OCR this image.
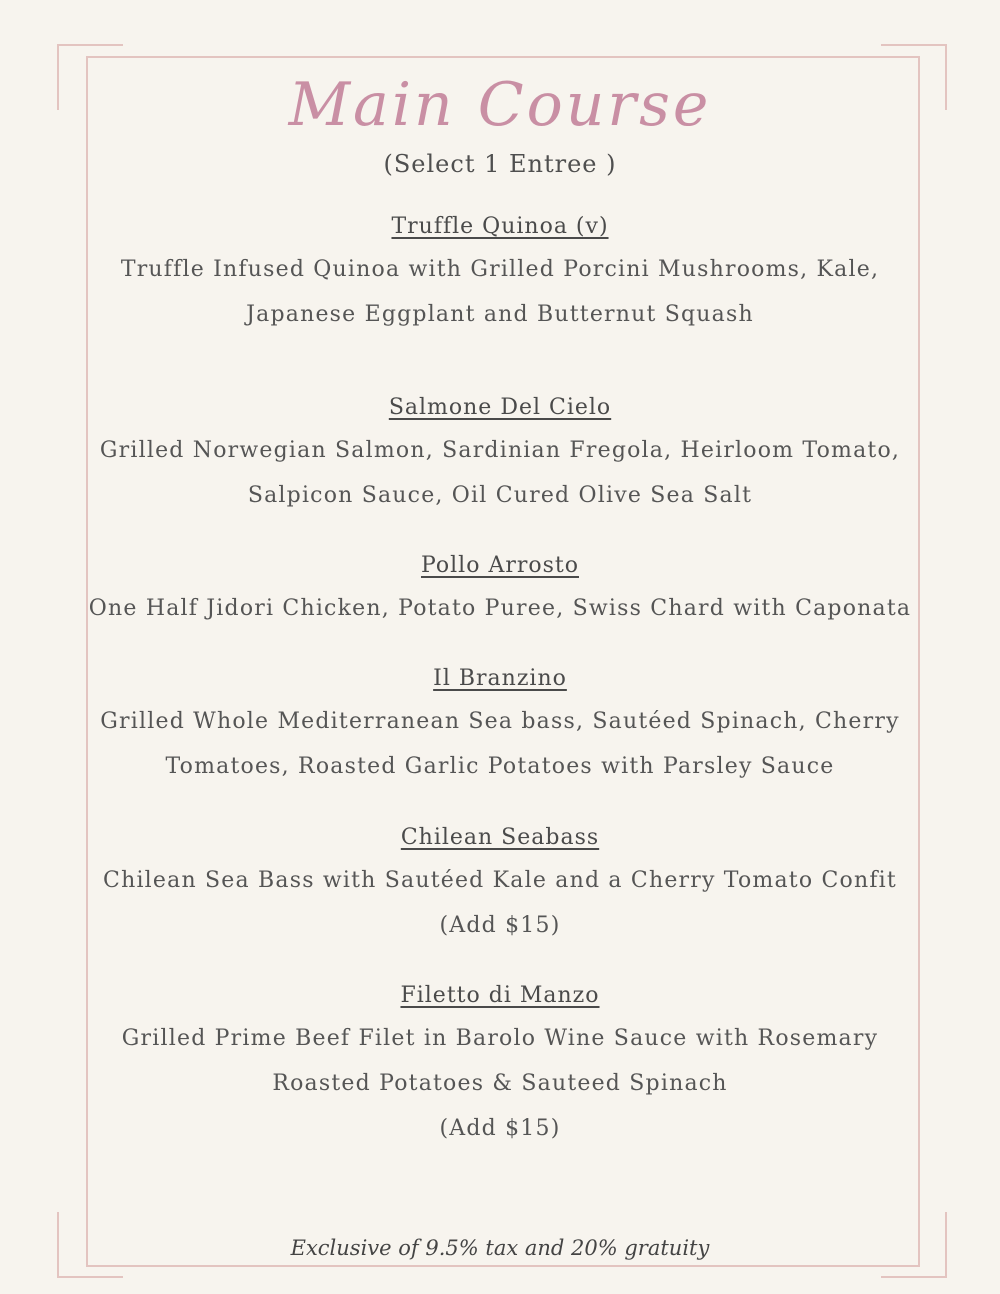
Main Course
(Select 1 Entree )
Truffle Quinoa (v)
Truffle Infused Quinoa with Grilled Porcini Mushrooms, Kale,
Japanese Eggplant and Butternut Squash
Salmone Del Cielo
Grilled Norwegian Salmon, Sardinian Fregola, Heirloom Tomato,
Salpicon Sauce, Oil Cured Olive Sea Salt
Pollo Arrosto
One Half Jidori Chicken, Potato Puree, Swiss Chard with Caponata
Il Branzino
Grilled Whole Mediterranean Sea bass, Sautéed Spinach, Cherry
Tomatoes, Roasted Garlic Potatoes with Parsley Sauce
Chilean Seabass
Chilean Sea Bass with Sautéed Kale and a Cherry Tomato Confit
(Add $15)
Filetto di Manzo
Grilled Prime Beef Filet in Barolo Wine Sauce with Rosemary
Roasted Potatoes & Sauteed Spinach
(Add $15)
Exclusive of 9.5% tax and 20% gratuity
